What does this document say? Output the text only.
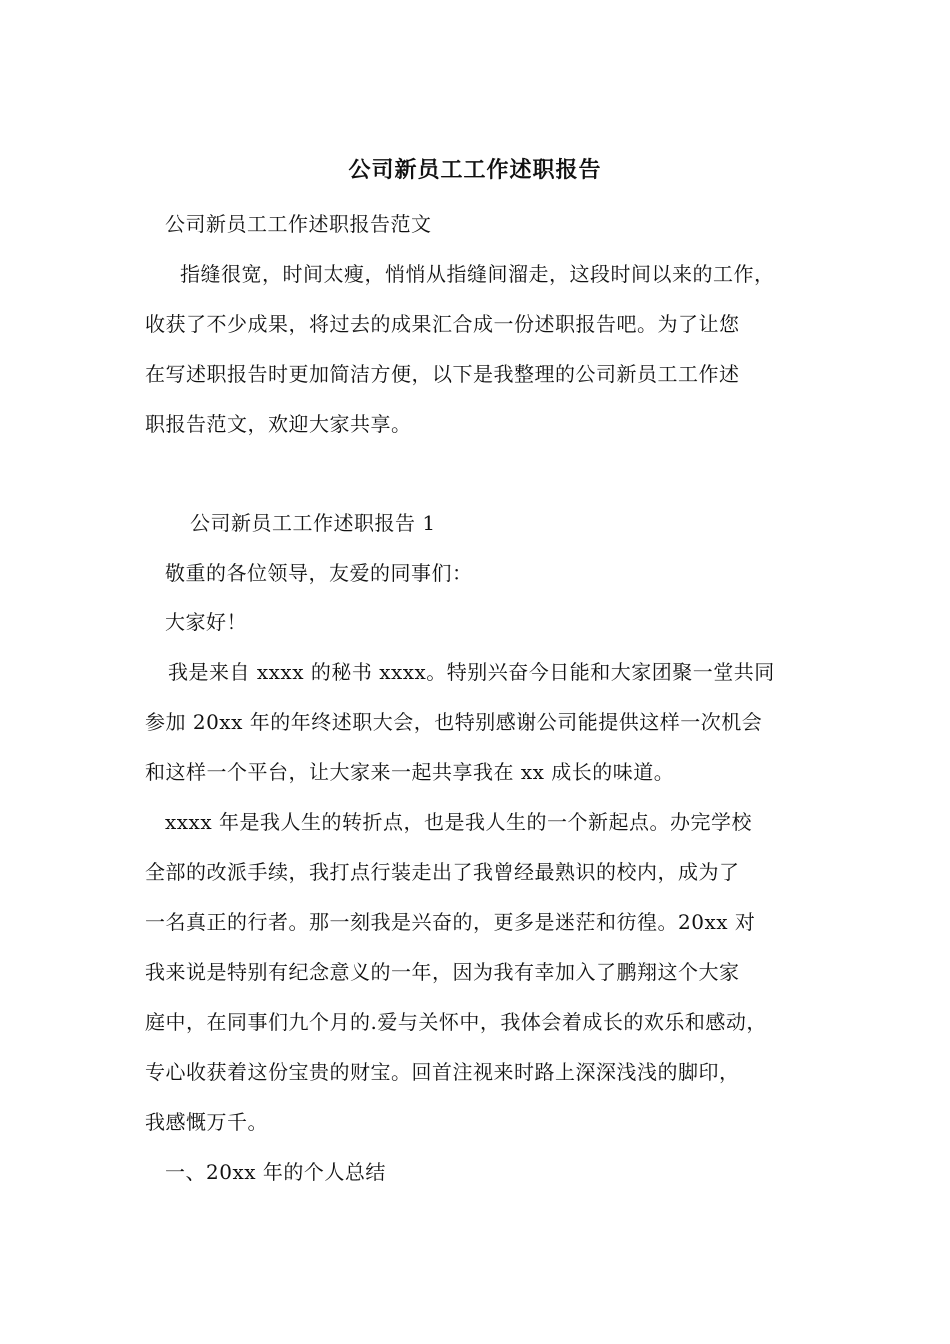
公司新员工工作述职报告
公司新员工工作述职报告范文
指缝很宽，时间太瘦，悄悄从指缝间溜走，这段时间以来的工作，
收获了不少成果，将过去的成果汇合成一份述职报告吧。为了让您
在写述职报告时更加简洁方便，以下是我整理的公司新员工工作述
职报告范文，欢迎大家共享。
公司新员工工作述职报告 1
敬重的各位领导，友爱的同事们：
大家好！
我是来自 xxxx 的秘书 xxxx。特别兴奋今日能和大家团聚一堂共同
参加 20xx 年的年终述职大会，也特别感谢公司能提供这样一次机会
和这样一个平台，让大家来一起共享我在 xx 成长的味道。
xxxx 年是我人生的转折点，也是我人生的一个新起点。办完学校
全部的改派手续，我打点行装走出了我曾经最熟识的校内，成为了
一名真正的行者。那一刻我是兴奋的，更多是迷茫和彷徨。20xx 对
我来说是特别有纪念意义的一年，因为我有幸加入了鹏翔这个大家
庭中，在同事们九个月的.爱与关怀中，我体会着成长的欢乐和感动，
专心收获着这份宝贵的财宝。回首注视来时路上深深浅浅的脚印，
我感慨万千。
一、20xx 年的个人总结
